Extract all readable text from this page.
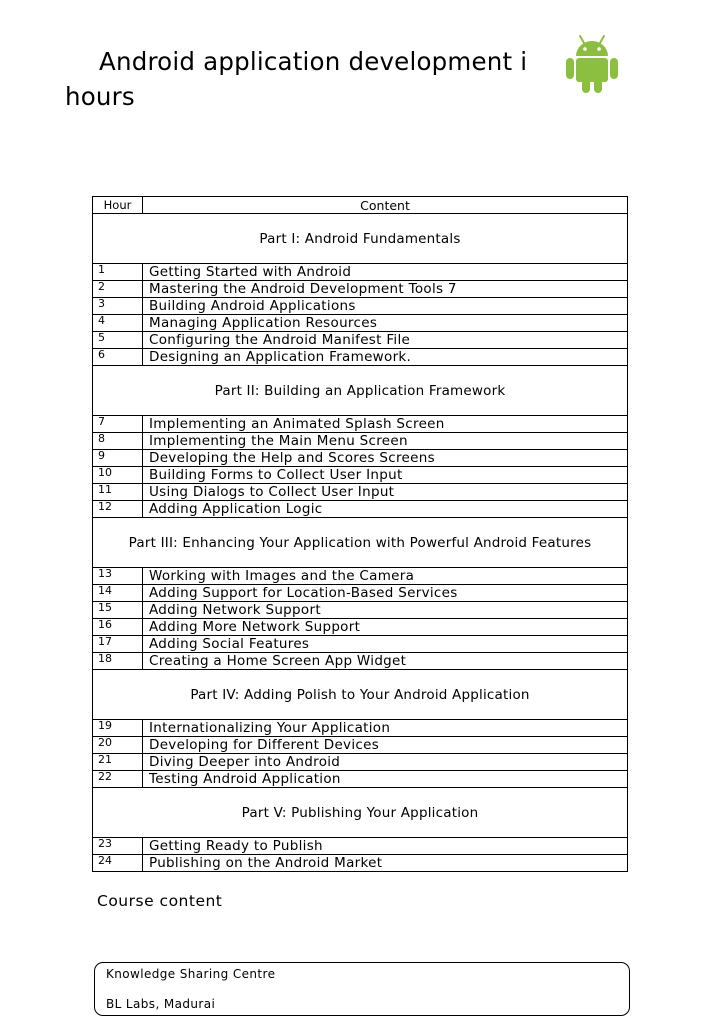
Android application development i
hours
Hour	Content
Part I: Android Fundamentals	
1	Getting Started with Android
2	Mastering the Android Development Tools 7
3	Building Android Applications
4	Managing Application Resources
5	Configuring the Android Manifest File
6	Designing an Application Framework.
Part II: Building an Application Framework	
7	Implementing an Animated Splash Screen
8	Implementing the Main Menu Screen
9	Developing the Help and Scores Screens
10	Building Forms to Collect User Input
11	Using Dialogs to Collect User Input
12	Adding Application Logic
Part III: Enhancing Your Application with Powerful Android Features	
13	Working with Images and the Camera
14	Adding Support for Location-Based Services
15	Adding Network Support
16	Adding More Network Support
17	Adding Social Features
18	Creating a Home Screen App Widget
Part IV: Adding Polish to Your Android Application	
19	Internationalizing Your Application
20	Developing for Different Devices
21	Diving Deeper into Android
22	Testing Android Application
Part V: Publishing Your Application	
23	Getting Ready to Publish
24	Publishing on the Android Market

Course content

Knowledge Sharing Centre
BL Labs, Madurai
